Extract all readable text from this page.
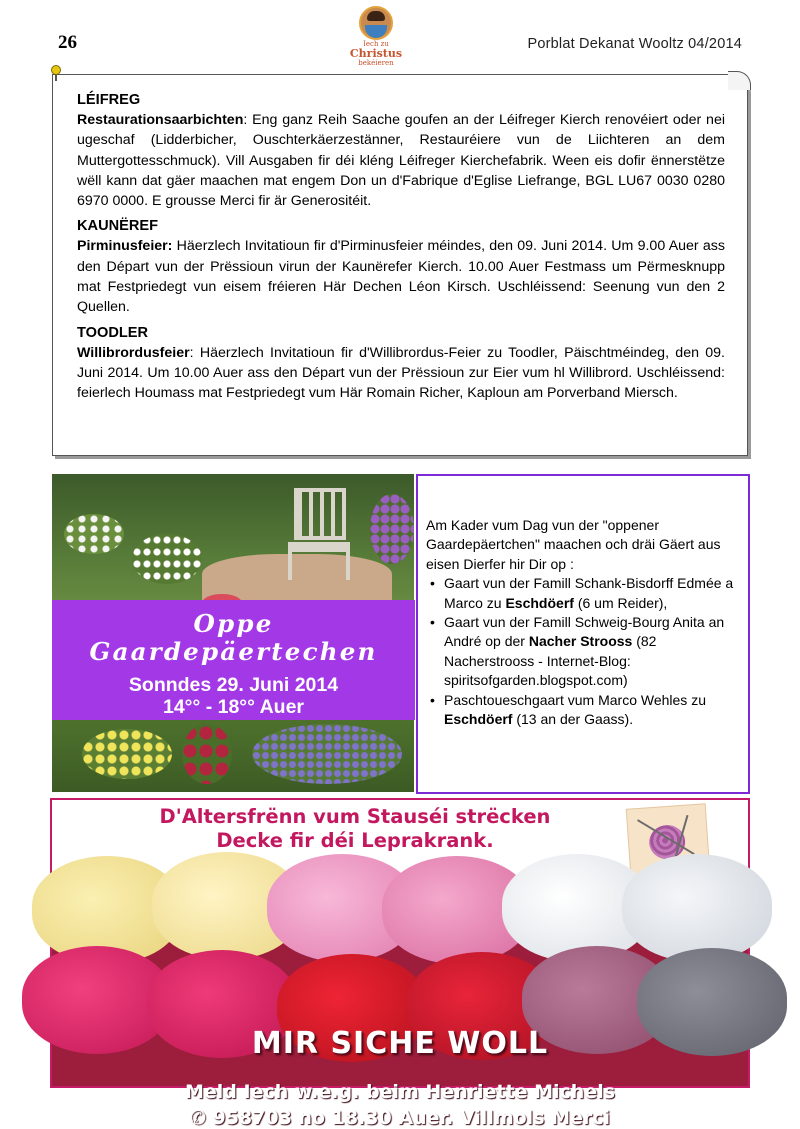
26	Iech zu
Christus
bekéieren
Porblat Dekanat Wooltz 04/2014
LÉIFREG

Restaurationsaarbichten: Eng ganz Reih Saache goufen an der Léifreger Kierch renovéiert oder nei ugeschaf (Lidderbicher, Ouschterkäerzestänner, Restauréiere vun de Liichteren an dem Muttergottesschmuck). Vill Ausgaben fir déi kléng Léifreger Kierchefabrik. Ween eis dofir ënnerstëtze wëll kann dat gäer maachen mat engem Don un d'Fabrique d'Eglise Liefrange, BGL LU67 0030 0280 6970 0000. E grousse Merci fir är Generositéit.

KAUNËREF

Pirminusfeier: Häerzlech Invitatioun fir d'Pirminusfeier méindes, den 09. Juni 2014. Um 9.00 Auer ass den Départ vun der Prëssioun virun der Kaunërefer Kierch. 10.00 Auer Festmass um Përmesknupp mat Festpriedegt vun eisem fréieren Här Dechen Léon Kirsch. Uschléissend: Seenung vun den 2 Quellen.

TOODLER

Willibrordusfeier: Häerzlech Invitatioun fir d'Willibrordus-Feier zu Toodler, Päischtméindeg, den 09. Juni 2014. Um 10.00 Auer ass den Départ vun der Prëssioun zur Eier vum hl Willibrord. Uschléissend: feierlech Houmass mat Festpriedegt vum Här Romain Richer, Kaploun am Porverband Miersch.

Oppe Gaardepäertechen
Sonndes 29. Juni 2014
14°° - 18°° Auer

Am Kader vum Dag vun der "oppener Gaardepäertchen" maachen och dräi Gäert aus eisen Dierfer hir Dir op :

• Gaart vun der Famill Schank-Bisdorff Edmée a Marco zu Eschdöerf (6 um Reider),
• Gaart vun der Famill Schweig-Bourg Anita an André op der Nacher Strooss (82 Nacherstrooss - Internet-Blog: spiritsofgarden.blogspot.com)
• Paschtoueschgaart vum Marco Wehles zu Eschdöerf (13 an der Gaass).
D'Altersfrënn vum Stauséi strëcken
Decke fir déi Leprakrank.
MIR SICHE WOLL
Meld Iech w.e.g. beim Henriette Michels
✆ 958703 no 18.30 Auer. Villmols Merci
